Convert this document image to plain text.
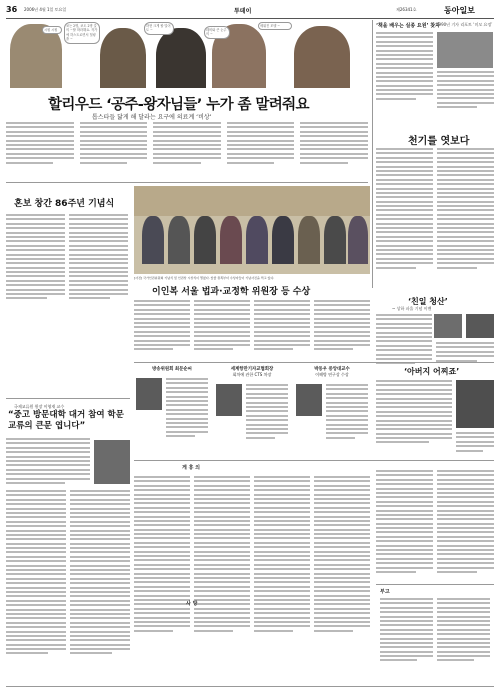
36 2006년 4월 1일 토요일	투데이	제26341호	동아일보
시원 시원
코는 2명, 코도 2명 갈의 ~할 따라해요. 작가에 하스트로면서 힐링을 ~
하현 크게 할 밀어도 ~	데비와 큰 눈주의 ~
세워진 모델 ~
할리우드 ‘공주-왕자님들’ 누가 좀 말려줘요
톱스타들 닮게 해 달라는 요구에 의료계 ‘비상’
‘책을 배우는 실종 요원’ 찾자
1990년 기자 리포트 ‘미모 요정’
천기를 엿보다
혼보 창간 86주년 기념식
[사진] 국가인권위원회 기념식 및 인권상 시상식이 열렸다. 앞줄 왼쪽부터 수상자들이 기념사진을 찍고 있다.
이인복 서울 법과·교정학 위원장 등 수상
‘친일 청산’
~ 상하 파울 기념 이벤
국제교류원 원장 이영재 교수
“중고 방문대학 대거 참여 학문 교류의 큰문 엽니다”
방송위원회 최문순씨	세계항만기자교협회장
회차에 관한 CTS 차장
박동우 중앙대교수
이해방 연구상 수상	‘아버지 어찌죠’
게 휴 의
사 망
부고
